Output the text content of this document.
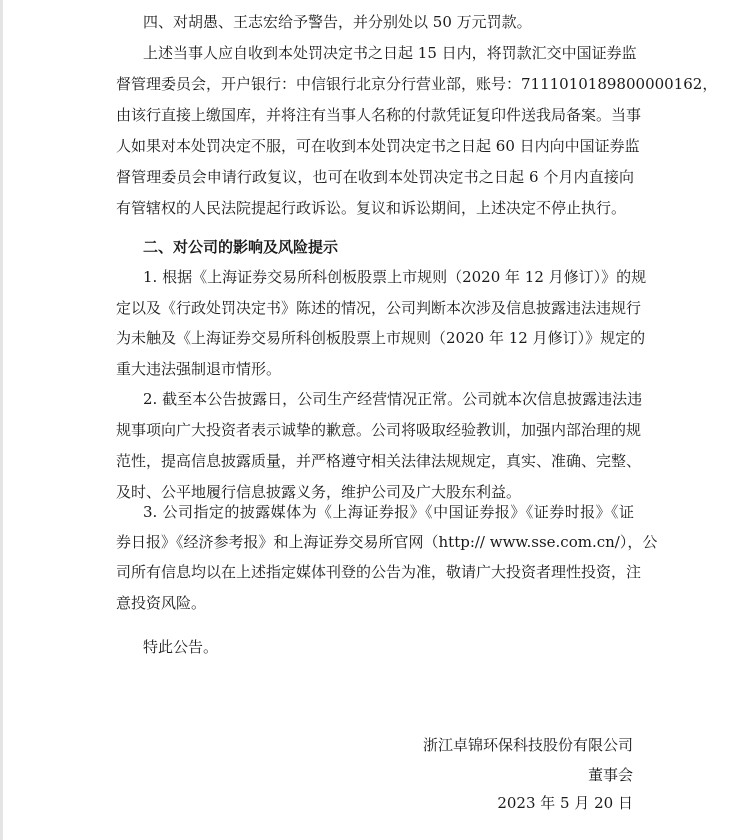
四、对胡愚、王志宏给予警告，并分别处以 50 万元罚款。
上述当事人应自收到本处罚决定书之日起 15 日内，将罚款汇交中国证券监
督管理委员会，开户银行：中信银行北京分行营业部，账号：7111010189800000162，
由该行直接上缴国库，并将注有当事人名称的付款凭证复印件送我局备案。当事
人如果对本处罚决定不服，可在收到本处罚决定书之日起 60 日内向中国证券监
督管理委员会申请行政复议，也可在收到本处罚决定书之日起 6 个月内直接向
有管辖权的人民法院提起行政诉讼。复议和诉讼期间，上述决定不停止执行。
二、对公司的影响及风险提示
1. 根据《上海证券交易所科创板股票上市规则（2020 年 12 月修订）》的规
定以及《行政处罚决定书》陈述的情况，公司判断本次涉及信息披露违法违规行
为未触及《上海证券交易所科创板股票上市规则（2020 年 12 月修订）》规定的
重大违法强制退市情形。
2. 截至本公告披露日，公司生产经营情况正常。公司就本次信息披露违法违
规事项向广大投资者表示诚挚的歉意。公司将吸取经验教训，加强内部治理的规
范性，提高信息披露质量，并严格遵守相关法律法规规定，真实、准确、完整、
及时、公平地履行信息披露义务，维护公司及广大股东利益。
3. 公司指定的披露媒体为《上海证券报》《中国证券报》《证券时报》《证
券日报》《经济参考报》和上海证券交易所官网（http:// www.sse.com.cn/），公
司所有信息均以在上述指定媒体刊登的公告为准，敬请广大投资者理性投资，注
意投资风险。
特此公告。
浙江卓锦环保科技股份有限公司
董事会
2023 年 5 月 20 日
